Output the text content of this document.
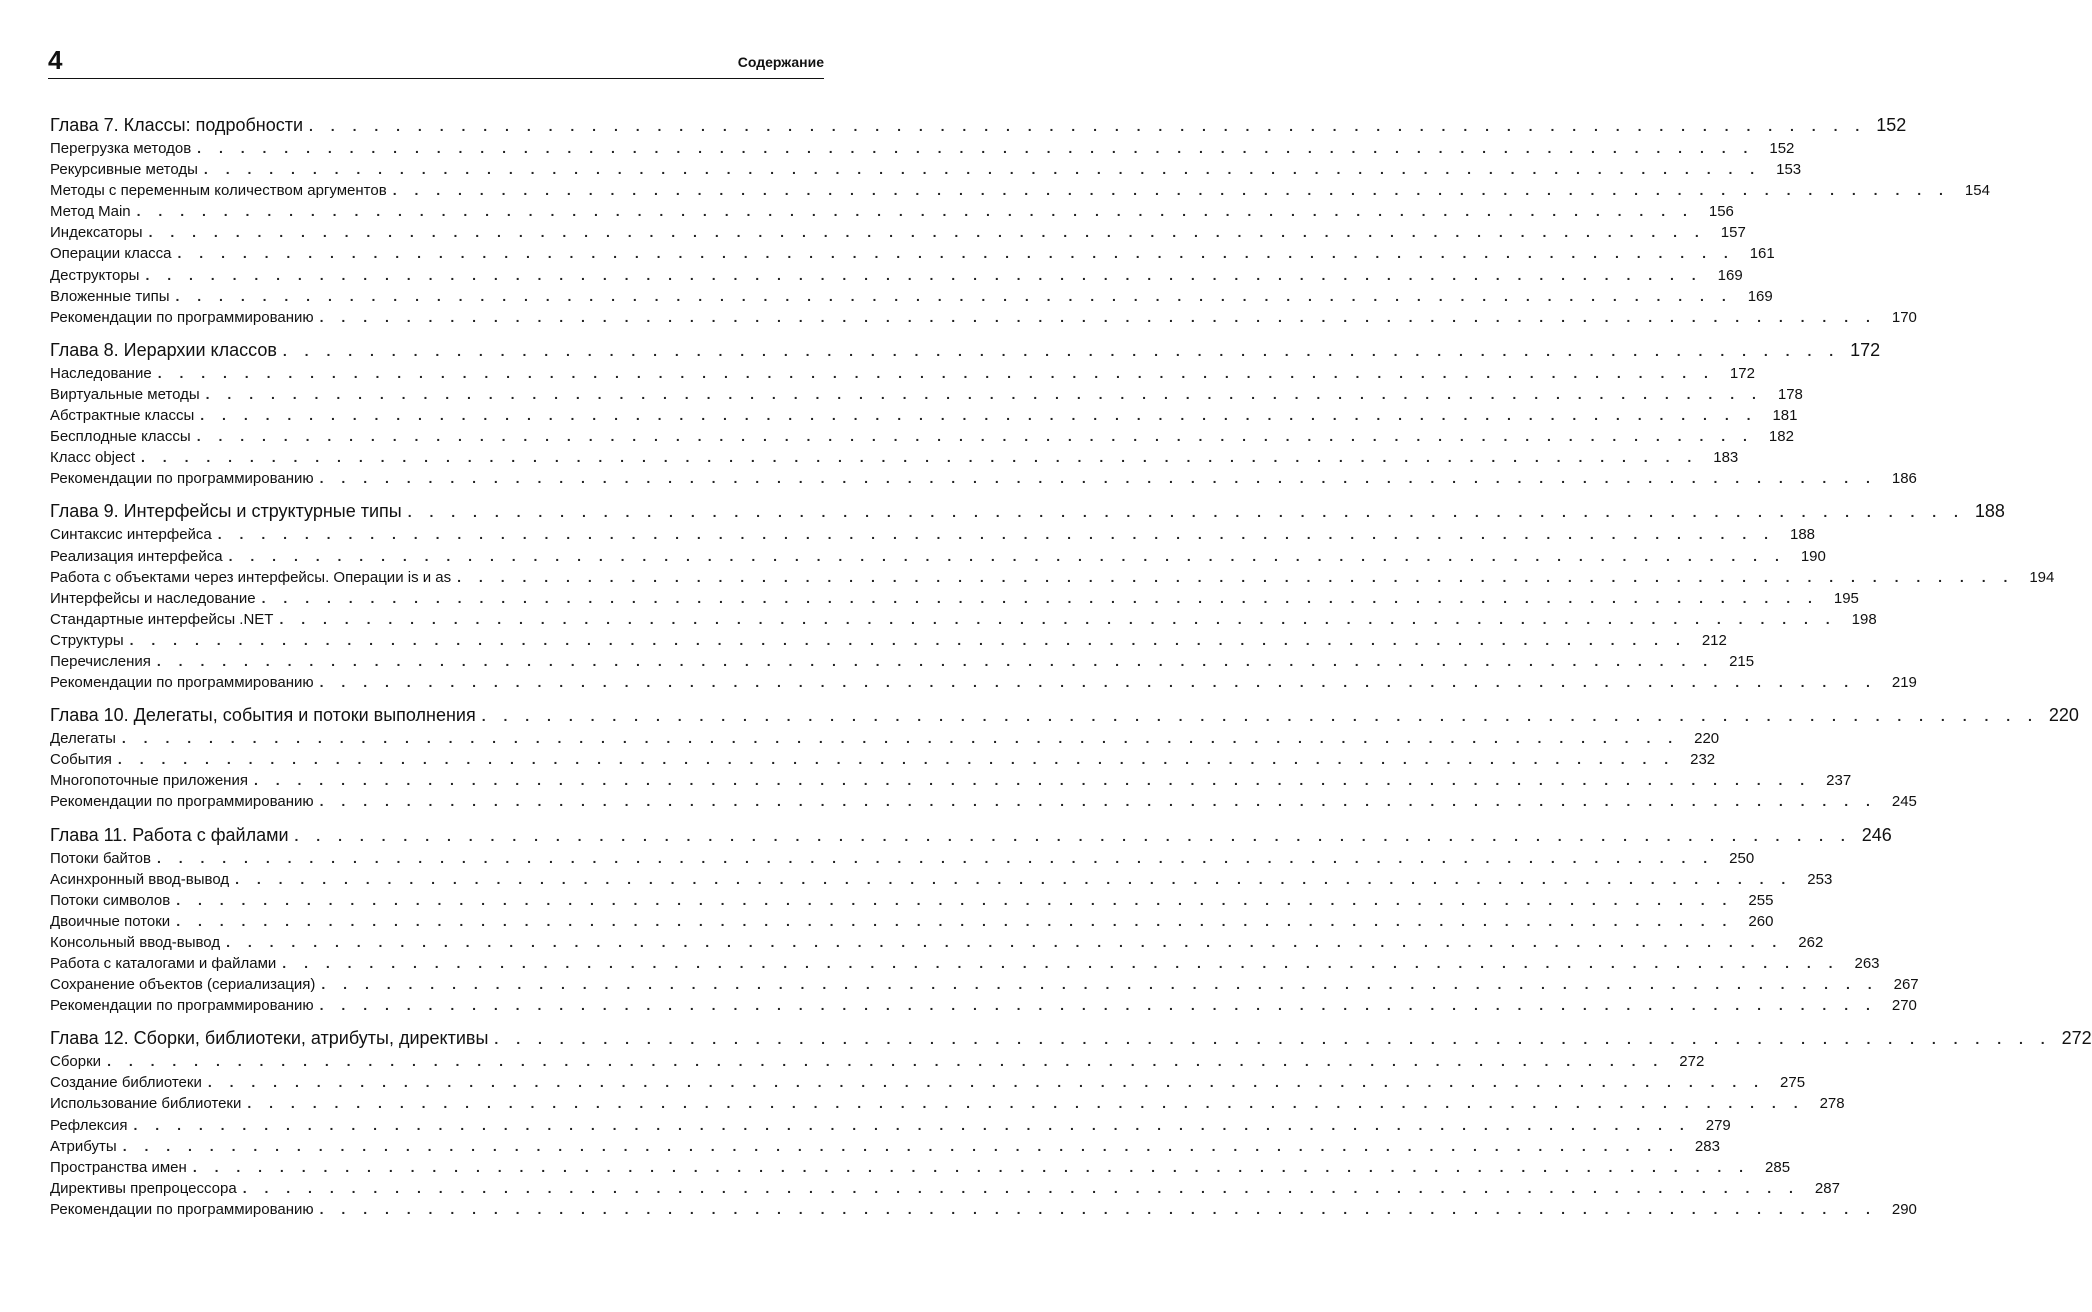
4	Содержание
Глава 7. Классы: подробности . . . . . . . . . . . . . . . . . . . . . . . . . . . . . . . . . . . . . . . . . . . . . . . . . . . . . . . . . . . . . . . . . . . . . . . . 152
Перегрузка методов . . . . . . . . . . . . . . . . . . . . . . . . . . . . . . . . . . . . . . . . . . . . . . . . . . . . . . . . . . . . . . . . . . . . . . . . 152
Рекурсивные методы . . . . . . . . . . . . . . . . . . . . . . . . . . . . . . . . . . . . . . . . . . . . . . . . . . . . . . . . . . . . . . . . . . . . . . . . 153
Методы с переменным количеством аргументов . . . . . . . . . . . . . . . . . . . . . . . . . . . . . . . . . . . . . . . . . . . . . . . . . . . . . . . . . . . . . . . . . . . . . . . . 154
Метод Main . . . . . . . . . . . . . . . . . . . . . . . . . . . . . . . . . . . . . . . . . . . . . . . . . . . . . . . . . . . . . . . . . . . . . . . . 156
Индексаторы . . . . . . . . . . . . . . . . . . . . . . . . . . . . . . . . . . . . . . . . . . . . . . . . . . . . . . . . . . . . . . . . . . . . . . . . 157
Операции класса . . . . . . . . . . . . . . . . . . . . . . . . . . . . . . . . . . . . . . . . . . . . . . . . . . . . . . . . . . . . . . . . . . . . . . . . 161
Деструкторы . . . . . . . . . . . . . . . . . . . . . . . . . . . . . . . . . . . . . . . . . . . . . . . . . . . . . . . . . . . . . . . . . . . . . . . . 169
Вложенные типы . . . . . . . . . . . . . . . . . . . . . . . . . . . . . . . . . . . . . . . . . . . . . . . . . . . . . . . . . . . . . . . . . . . . . . . . 169
Рекомендации по программированию . . . . . . . . . . . . . . . . . . . . . . . . . . . . . . . . . . . . . . . . . . . . . . . . . . . . . . . . . . . . . . . . . . . . . . . . 170
Глава 8. Иерархии классов . . . . . . . . . . . . . . . . . . . . . . . . . . . . . . . . . . . . . . . . . . . . . . . . . . . . . . . . . . . . . . . . . . . . . . . . 172
Наследование . . . . . . . . . . . . . . . . . . . . . . . . . . . . . . . . . . . . . . . . . . . . . . . . . . . . . . . . . . . . . . . . . . . . . . . . 172
Виртуальные методы . . . . . . . . . . . . . . . . . . . . . . . . . . . . . . . . . . . . . . . . . . . . . . . . . . . . . . . . . . . . . . . . . . . . . . . . 178
Абстрактные классы . . . . . . . . . . . . . . . . . . . . . . . . . . . . . . . . . . . . . . . . . . . . . . . . . . . . . . . . . . . . . . . . . . . . . . . . 181
Бесплодные классы . . . . . . . . . . . . . . . . . . . . . . . . . . . . . . . . . . . . . . . . . . . . . . . . . . . . . . . . . . . . . . . . . . . . . . . . 182
Класс object . . . . . . . . . . . . . . . . . . . . . . . . . . . . . . . . . . . . . . . . . . . . . . . . . . . . . . . . . . . . . . . . . . . . . . . . 183
Рекомендации по программированию . . . . . . . . . . . . . . . . . . . . . . . . . . . . . . . . . . . . . . . . . . . . . . . . . . . . . . . . . . . . . . . . . . . . . . . . 186
Глава 9. Интерфейсы и структурные типы . . . . . . . . . . . . . . . . . . . . . . . . . . . . . . . . . . . . . . . . . . . . . . . . . . . . . . . . . . . . . . . . . . . . . . . . 188
Синтаксис интерфейса . . . . . . . . . . . . . . . . . . . . . . . . . . . . . . . . . . . . . . . . . . . . . . . . . . . . . . . . . . . . . . . . . . . . . . . . 188
Реализация интерфейса . . . . . . . . . . . . . . . . . . . . . . . . . . . . . . . . . . . . . . . . . . . . . . . . . . . . . . . . . . . . . . . . . . . . . . . . 190
Работа с объектами через интерфейсы. Операции is и as . . . . . . . . . . . . . . . . . . . . . . . . . . . . . . . . . . . . . . . . . . . . . . . . . . . . . . . . . . . . . . . . . . . . . . . . 194
Интерфейсы и наследование . . . . . . . . . . . . . . . . . . . . . . . . . . . . . . . . . . . . . . . . . . . . . . . . . . . . . . . . . . . . . . . . . . . . . . . . 195
Стандартные интерфейсы .NET . . . . . . . . . . . . . . . . . . . . . . . . . . . . . . . . . . . . . . . . . . . . . . . . . . . . . . . . . . . . . . . . . . . . . . . . 198
Структуры . . . . . . . . . . . . . . . . . . . . . . . . . . . . . . . . . . . . . . . . . . . . . . . . . . . . . . . . . . . . . . . . . . . . . . . . 212
Перечисления . . . . . . . . . . . . . . . . . . . . . . . . . . . . . . . . . . . . . . . . . . . . . . . . . . . . . . . . . . . . . . . . . . . . . . . . 215
Рекомендации по программированию . . . . . . . . . . . . . . . . . . . . . . . . . . . . . . . . . . . . . . . . . . . . . . . . . . . . . . . . . . . . . . . . . . . . . . . . 219
Глава 10. Делегаты, события и потоки выполнения . . . . . . . . . . . . . . . . . . . . . . . . . . . . . . . . . . . . . . . . . . . . . . . . . . . . . . . . . . . . . . . . . . . . . . . . 220
Делегаты . . . . . . . . . . . . . . . . . . . . . . . . . . . . . . . . . . . . . . . . . . . . . . . . . . . . . . . . . . . . . . . . . . . . . . . . 220
События . . . . . . . . . . . . . . . . . . . . . . . . . . . . . . . . . . . . . . . . . . . . . . . . . . . . . . . . . . . . . . . . . . . . . . . . 232
Многопоточные приложения . . . . . . . . . . . . . . . . . . . . . . . . . . . . . . . . . . . . . . . . . . . . . . . . . . . . . . . . . . . . . . . . . . . . . . . . 237
Рекомендации по программированию . . . . . . . . . . . . . . . . . . . . . . . . . . . . . . . . . . . . . . . . . . . . . . . . . . . . . . . . . . . . . . . . . . . . . . . . 245
Глава 11. Работа с файлами . . . . . . . . . . . . . . . . . . . . . . . . . . . . . . . . . . . . . . . . . . . . . . . . . . . . . . . . . . . . . . . . . . . . . . . . 246
Потоки байтов . . . . . . . . . . . . . . . . . . . . . . . . . . . . . . . . . . . . . . . . . . . . . . . . . . . . . . . . . . . . . . . . . . . . . . . . 250
Асинхронный ввод-вывод . . . . . . . . . . . . . . . . . . . . . . . . . . . . . . . . . . . . . . . . . . . . . . . . . . . . . . . . . . . . . . . . . . . . . . . . 253
Потоки символов . . . . . . . . . . . . . . . . . . . . . . . . . . . . . . . . . . . . . . . . . . . . . . . . . . . . . . . . . . . . . . . . . . . . . . . . 255
Двоичные потоки . . . . . . . . . . . . . . . . . . . . . . . . . . . . . . . . . . . . . . . . . . . . . . . . . . . . . . . . . . . . . . . . . . . . . . . . 260
Консольный ввод-вывод . . . . . . . . . . . . . . . . . . . . . . . . . . . . . . . . . . . . . . . . . . . . . . . . . . . . . . . . . . . . . . . . . . . . . . . . 262
Работа с каталогами и файлами . . . . . . . . . . . . . . . . . . . . . . . . . . . . . . . . . . . . . . . . . . . . . . . . . . . . . . . . . . . . . . . . . . . . . . . . 263
Сохранение объектов (сериализация) . . . . . . . . . . . . . . . . . . . . . . . . . . . . . . . . . . . . . . . . . . . . . . . . . . . . . . . . . . . . . . . . . . . . . . . . 267
Рекомендации по программированию . . . . . . . . . . . . . . . . . . . . . . . . . . . . . . . . . . . . . . . . . . . . . . . . . . . . . . . . . . . . . . . . . . . . . . . . 270
Глава 12. Сборки, библиотеки, атрибуты, директивы . . . . . . . . . . . . . . . . . . . . . . . . . . . . . . . . . . . . . . . . . . . . . . . . . . . . . . . . . . . . . . . . . . . . . . . . 272
Сборки . . . . . . . . . . . . . . . . . . . . . . . . . . . . . . . . . . . . . . . . . . . . . . . . . . . . . . . . . . . . . . . . . . . . . . . . 272
Создание библиотеки . . . . . . . . . . . . . . . . . . . . . . . . . . . . . . . . . . . . . . . . . . . . . . . . . . . . . . . . . . . . . . . . . . . . . . . . 275
Использование библиотеки . . . . . . . . . . . . . . . . . . . . . . . . . . . . . . . . . . . . . . . . . . . . . . . . . . . . . . . . . . . . . . . . . . . . . . . . 278
Рефлексия . . . . . . . . . . . . . . . . . . . . . . . . . . . . . . . . . . . . . . . . . . . . . . . . . . . . . . . . . . . . . . . . . . . . . . . . 279
Атрибуты . . . . . . . . . . . . . . . . . . . . . . . . . . . . . . . . . . . . . . . . . . . . . . . . . . . . . . . . . . . . . . . . . . . . . . . . 283
Пространства имен . . . . . . . . . . . . . . . . . . . . . . . . . . . . . . . . . . . . . . . . . . . . . . . . . . . . . . . . . . . . . . . . . . . . . . . . 285
Директивы препроцессора . . . . . . . . . . . . . . . . . . . . . . . . . . . . . . . . . . . . . . . . . . . . . . . . . . . . . . . . . . . . . . . . . . . . . . . . 287
Рекомендации по программированию . . . . . . . . . . . . . . . . . . . . . . . . . . . . . . . . . . . . . . . . . . . . . . . . . . . . . . . . . . . . . . . . . . . . . . . . 290
